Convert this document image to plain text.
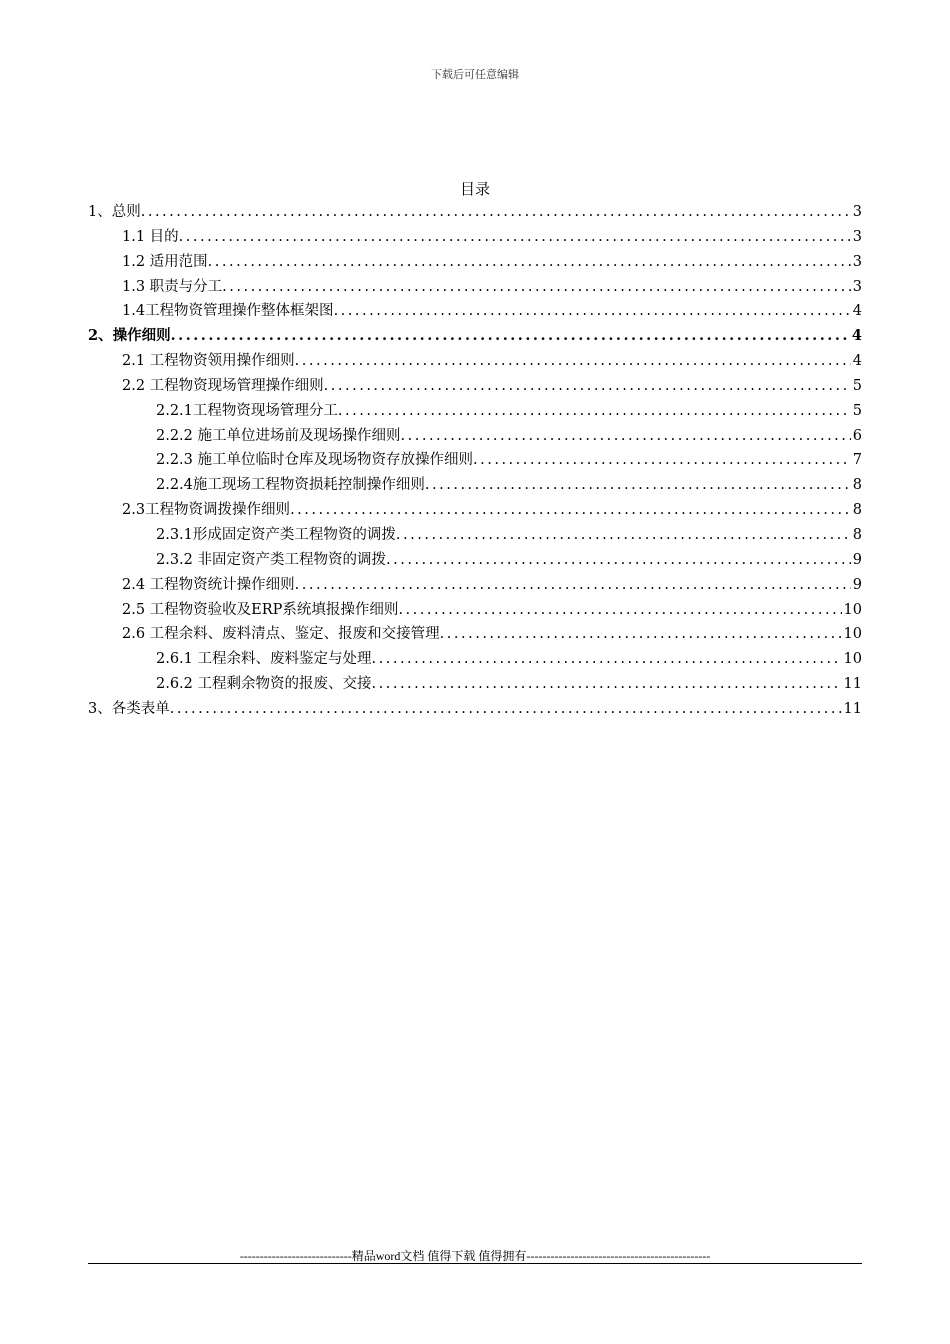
下载后可任意编辑
目录
1、总则 .....	3
1.1 目的 .....	3
1.2 适用范围 .....	3
1.3 职责与分工 .....	3
1.4工程物资管理操作整体框架图 .....	4
2、操作细则 .....	4
2.1 工程物资领用操作细则 .....	4
2.2 工程物资现场管理操作细则 .....	5
2.2.1工程物资现场管理分工 .....	5
2.2.2 施工单位进场前及现场操作细则 .....	6
2.2.3 施工单位临时仓库及现场物资存放操作细则 .....	7
2.2.4施工现场工程物资损耗控制操作细则 .....	8
2.3工程物资调拨操作细则 .....	8
2.3.1形成固定资产类工程物资的调拨 .....	8
2.3.2 非固定资产类工程物资的调拨 .....	9
2.4 工程物资统计操作细则 .....	9
2.5 工程物资验收及ERP系统填报操作细则 .....	10
2.6 工程余料、废料清点、鉴定、报废和交接管理 .....	10
2.6.1 工程余料、废料鉴定与处理 .....	10
2.6.2 工程剩余物资的报废、交接 .....	11
3、各类表单 .....	11
----------------------------精品word文档 值得下载 值得拥有----------------------------------------------
